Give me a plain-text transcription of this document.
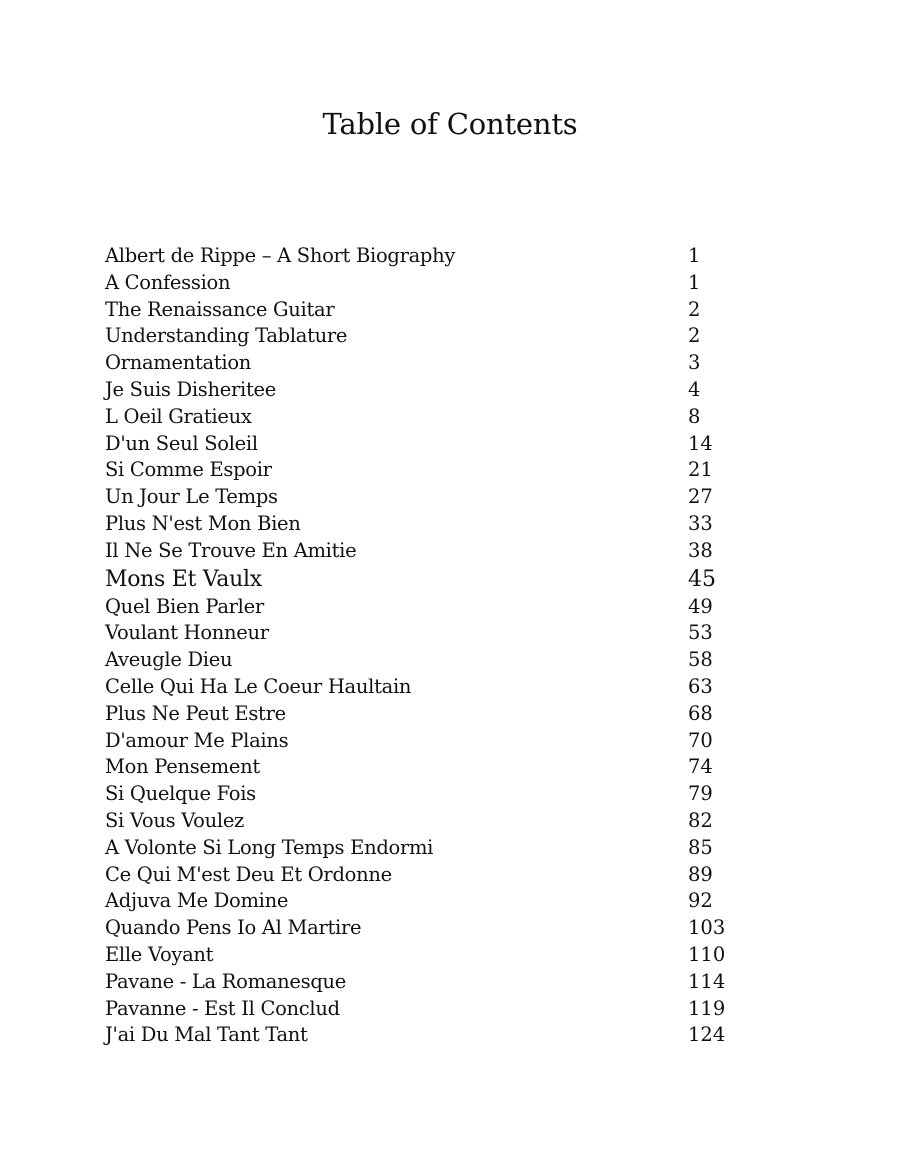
Table of Contents
Albert de Rippe – A Short Biography	1
A Confession	1
The Renaissance Guitar	2
Understanding Tablature	2
Ornamentation	3
Je Suis Disheritee	4
L Oeil Gratieux	8
D'un Seul Soleil	14
Si Comme Espoir	21
Un Jour Le Temps	27
Plus N'est Mon Bien	33
Il Ne Se Trouve En Amitie	38
Mons Et Vaulx	45
Quel Bien Parler	49
Voulant Honneur	53
Aveugle Dieu	58
Celle Qui Ha Le Coeur Haultain	63
Plus Ne Peut Estre	68
D'amour Me Plains	70
Mon Pensement	74
Si Quelque Fois	79
Si Vous Voulez	82
A Volonte Si Long Temps Endormi	85
Ce Qui M'est Deu Et Ordonne	89
Adjuva Me Domine	92
Quando Pens Io Al Martire	103
Elle Voyant	110
Pavane - La Romanesque	114
Pavanne - Est Il Conclud	119
J'ai Du Mal Tant Tant	124
